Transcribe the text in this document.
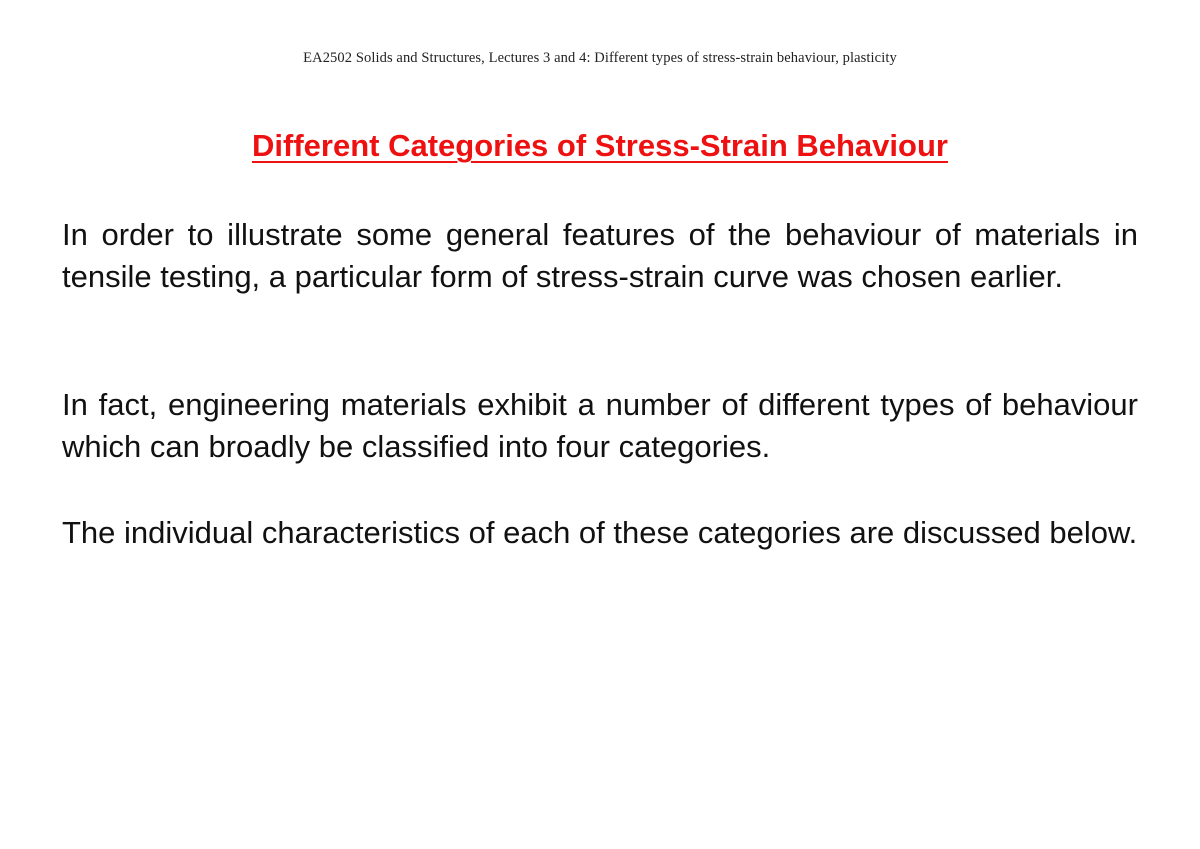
EA2502 Solids and Structures, Lectures 3 and 4: Different types of stress-strain behaviour, plasticity
Different Categories of Stress-Strain Behaviour

In order to illustrate some general features of the behaviour of materials in tensile testing, a particular form of stress-strain curve was chosen earlier.

In fact, engineering materials exhibit a number of different types of behaviour which can broadly be classified into four categories.

The individual characteristics of each of these categories are discussed below.
